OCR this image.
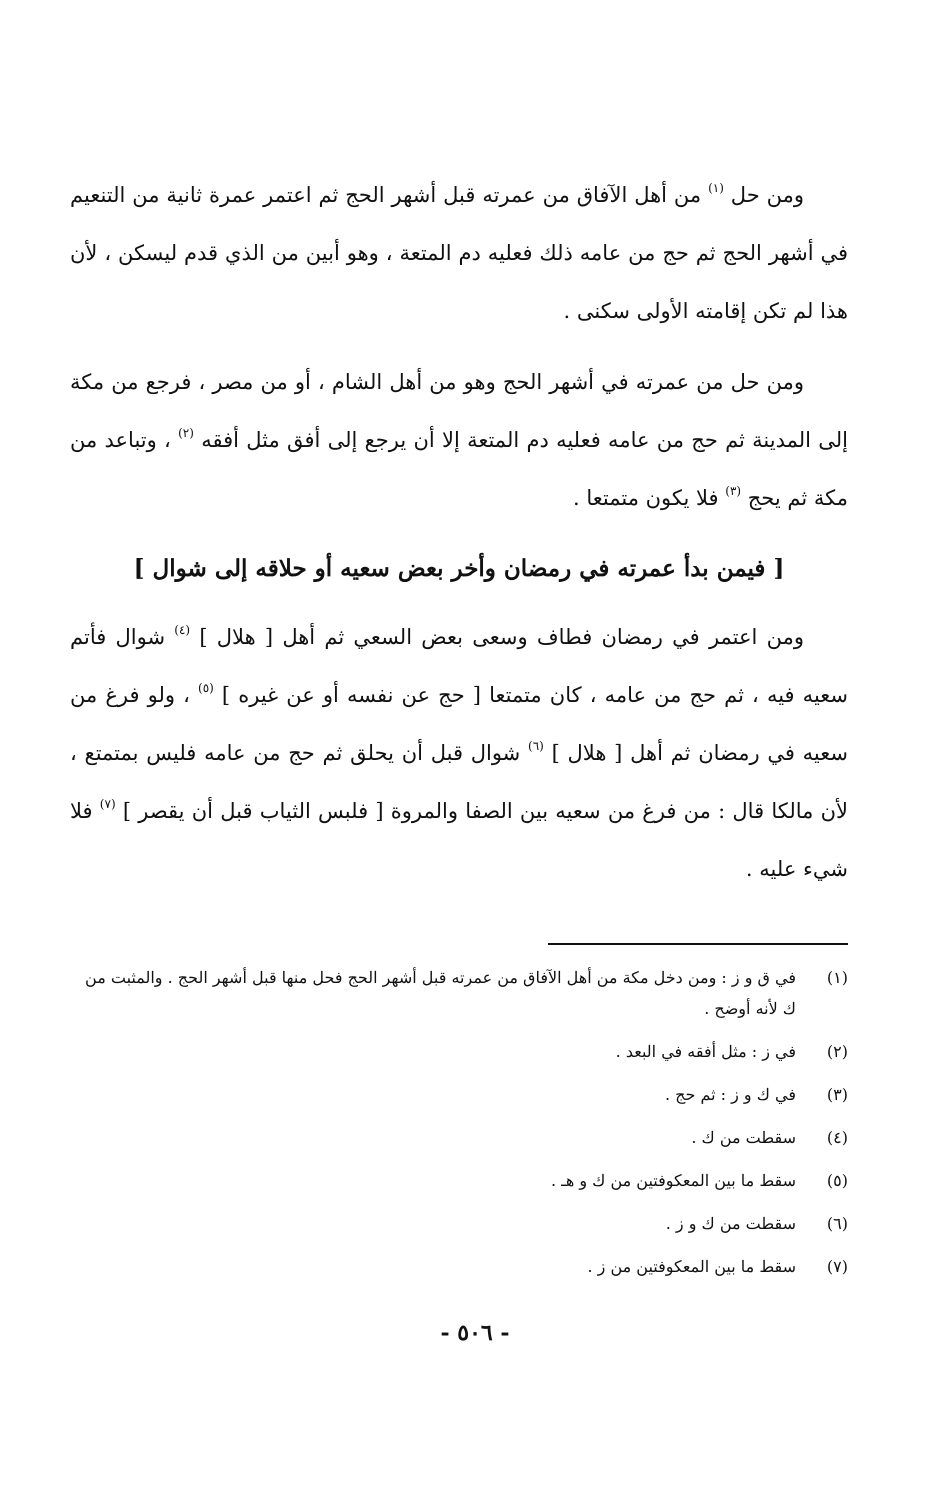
ومن حل $^{(١)}$ من أهل الآفاق من عمرته قبل أشهر الحج ثم اعتمر عمرة ثانية من التنعيم في أشهر الحج ثم حج من عامه ذلك فعليه دم المتعة ، وهو أبين من الذي قدم ليسكن ، لأن هذا لم تكن إقامته الأولى سكنى .

ومن حل من عمرته في أشهر الحج وهو من أهل الشام ، أو من مصر ، فرجع من مكة إلى المدينة ثم حج من عامه فعليه دم المتعة إلا أن يرجع إلى أفق مثل أفقه $^{(٢)}$ ، وتباعد من مكة ثم يحج $^{(٣)}$ فلا يكون متمتعا .

[ فيمن بدأ عمرته في رمضان وأخر بعض سعيه أو حلاقه إلى شوال ]

ومن اعتمر في رمضان فطاف وسعى بعض السعي ثم أهل [ هلال ] $^{(٤)}$ شوال فأتم سعيه فيه ، ثم حج من عامه ، كان متمتعا [ حج عن نفسه أو عن غيره ] $^{(٥)}$ ، ولو فرغ من سعيه في رمضان ثم أهل [ هلال ] $^{(٦)}$ شوال قبل أن يحلق ثم حج من عامه فليس بمتمتع ، لأن مالكا قال : من فرغ من سعيه بين الصفا والمروة [ فلبس الثياب قبل أن يقصر ] $^{(٧)}$ فلا شيء عليه .

(١)
في ق و ز : ومن دخل مكة من أهل الآفاق من عمرته قبل أشهر الحج فحل منها قبل أشهر الحج . والمثبت من ك لأنه أوضح .
(٢)
في ز : مثل أفقه في البعد .
(٣)
في ك و ز : ثم حج .
(٤)
سقطت من ك .
(٥)
سقط ما بين المعكوفتين من ك و هـ .
(٦)
سقطت من ك و ز .
(٧)
سقط ما بين المعكوفتين من ز .
- ٥٠٦ -
